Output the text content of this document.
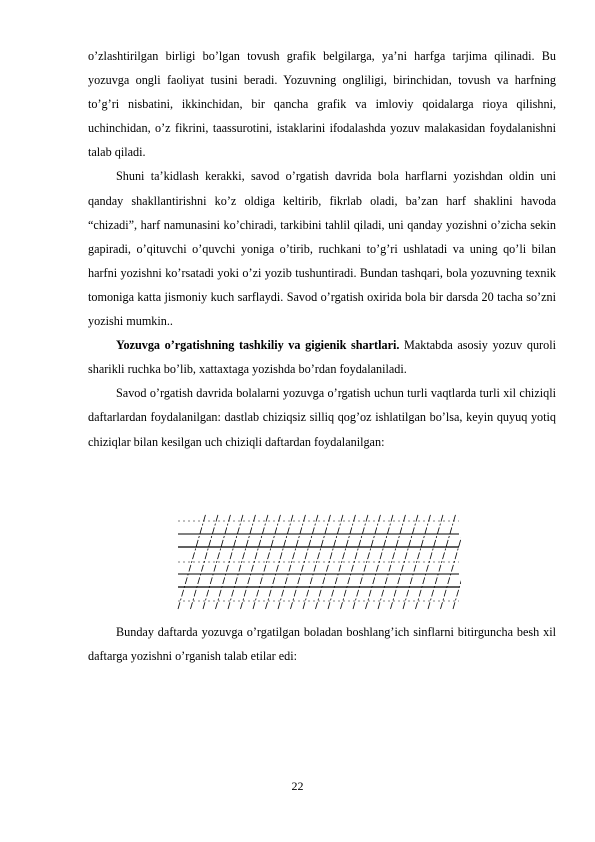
o’zlashtirilgan birligi bo’lgan tovush grafik belgilarga, ya’ni harfga tarjima qilinadi. Bu yozuvga ongli faoliyat tusini beradi. Yozuvning ongliligi, birinchidan, tovush va harfning to’g’ri nisbatini, ikkinchidan, bir qancha grafik va imloviy qoidalarga rioya qilishni, uchinchidan, o’z fikrini, taassurotini, istaklarini ifodalashda yozuv malakasidan foydalanishni talab qiladi.

Shuni ta’kidlash kerakki, savod o’rgatish davrida bola harflarni yozishdan oldin uni qanday shakllantirishni ko’z oldiga keltirib, fikrlab oladi, ba’zan harf shaklini havoda “chizadi”, harf namunasini ko’chiradi, tarkibini tahlil qiladi, uni qanday yozishni o’zicha sekin gapiradi, o’qituvchi o’quvchi yoniga o’tirib, ruchkani to’g’ri ushlatadi va uning qo’li bilan harfni yozishni ko’rsatadi yoki o’zi yozib tushuntiradi. Bundan tashqari, bola yozuvning texnik tomoniga katta jismoniy kuch sarflaydi. Savod o’rgatish oxirida bola bir darsda 20 tacha so’zni yozishi mumkin..

Yozuvga o’rgatishning tashkiliy va gigienik shartlari. Maktabda asosiy yozuv quroli sharikli ruchka bo’lib, xattaxtaga yozishda bo’rdan foydalaniladi.

Savod o’rgatish davrida bolalarni yozuvga o’rgatish uchun turli vaqtlarda turli xil chiziqli daftarlardan foydalanilgan: dastlab chiziqsiz silliq qog’oz ishlatilgan bo’lsa, keyin quyuq yotiq chiziqlar bilan kesilgan uch chiziqli daftardan foydalanilgan:

Bunday daftarda yozuvga o’rgatilgan boladan boshlang’ich sinflarni bitirguncha besh xil daftarga yozishni o’rganish talab etilar edi:

22
